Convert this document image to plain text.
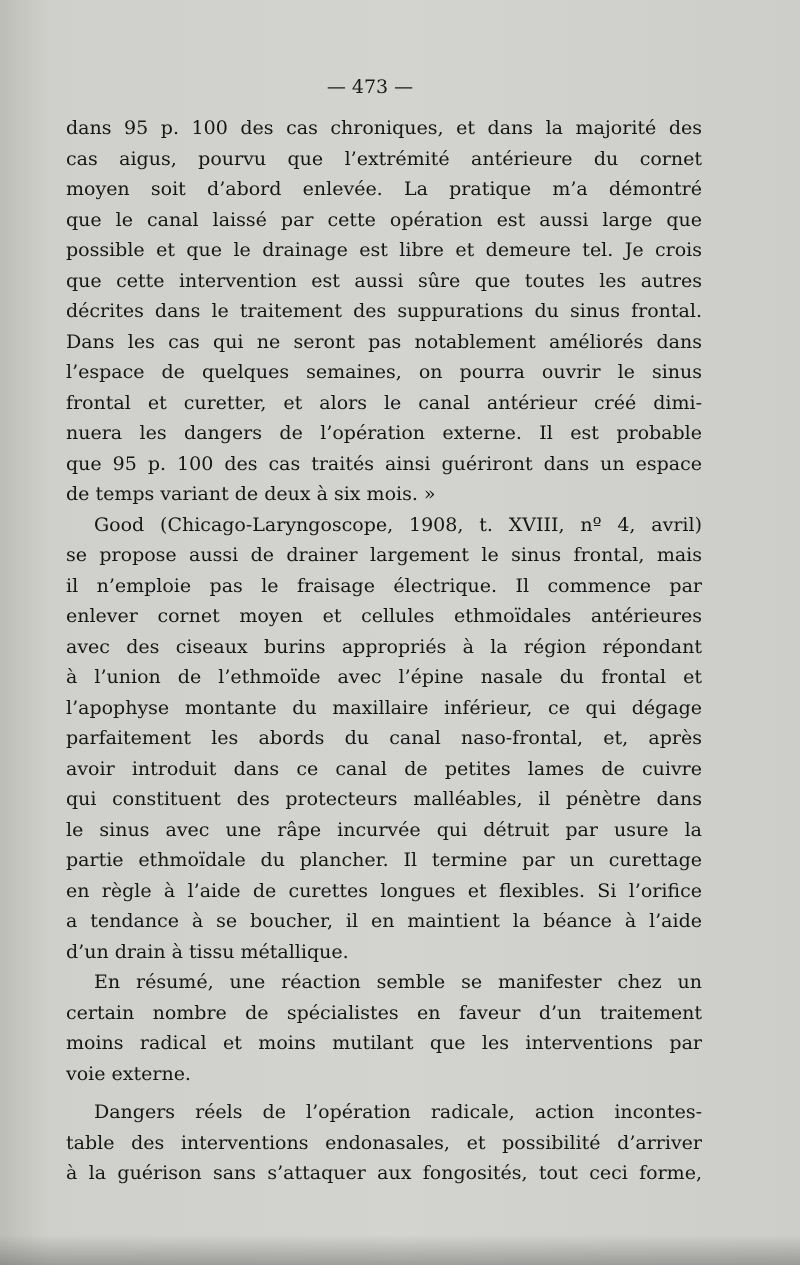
— 473 —
dans 95 p. 100 des cas chroniques, et dans la majorité des
cas aigus, pourvu que l’extrémité antérieure du cornet
moyen soit d’abord enlevée. La pratique m’a démontré
que le canal laissé par cette opération est aussi large que
possible et que le drainage est libre et demeure tel. Je crois
que cette intervention est aussi sûre que toutes les autres
décrites dans le traitement des suppurations du sinus frontal.
Dans les cas qui ne seront pas notablement améliorés dans
l’espace de quelques semaines, on pourra ouvrir le sinus
frontal et curetter, et alors le canal antérieur créé dimi-
nuera les dangers de l’opération externe. Il est probable
que 95 p. 100 des cas traités ainsi guériront dans un espace
de temps variant de deux à six mois. »
Good (Chicago-Laryngoscope, 1908, t. XVIII, nº 4, avril)
se propose aussi de drainer largement le sinus frontal, mais
il n’emploie pas le fraisage électrique. Il commence par
enlever cornet moyen et cellules ethmoïdales antérieures
avec des ciseaux burins appropriés à la région répondant
à l’union de l’ethmoïde avec l’épine nasale du frontal et
l’apophyse montante du maxillaire inférieur, ce qui dégage
parfaitement les abords du canal naso-frontal, et, après
avoir introduit dans ce canal de petites lames de cuivre
qui constituent des protecteurs malléables, il pénètre dans
le sinus avec une râpe incurvée qui détruit par usure la
partie ethmoïdale du plancher. Il termine par un curettage
en règle à l’aide de curettes longues et flexibles. Si l’orifice
a tendance à se boucher, il en maintient la béance à l’aide
d’un drain à tissu métallique.
En résumé, une réaction semble se manifester chez un
certain nombre de spécialistes en faveur d’un traitement
moins radical et moins mutilant que les interventions par
voie externe.
Dangers réels de l’opération radicale, action incontes-
table des interventions endonasales, et possibilité d’arriver
à la guérison sans s’attaquer aux fongosités, tout ceci forme,
